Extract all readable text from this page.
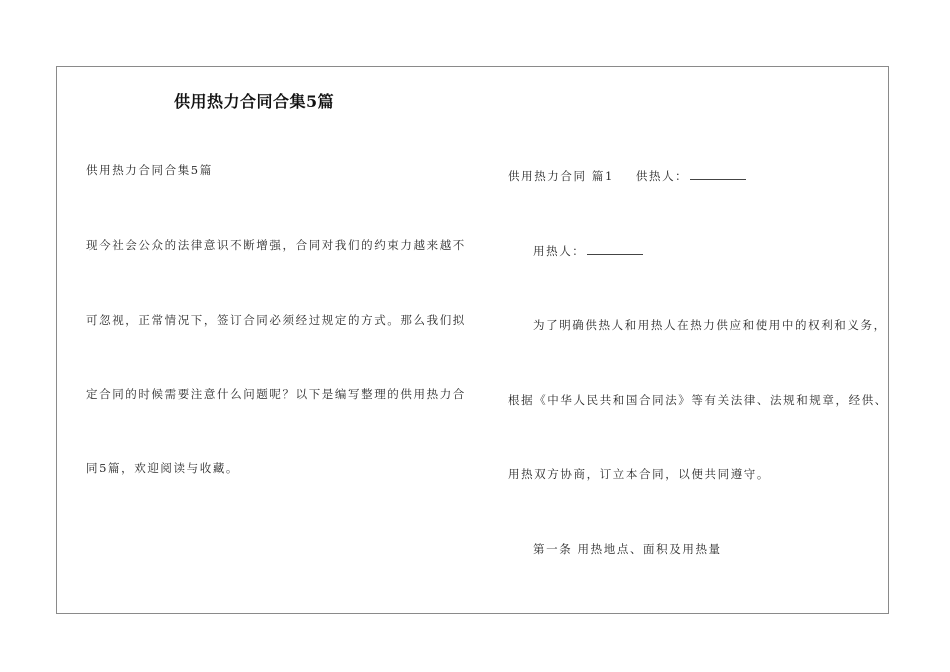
供用热力合同合集5篇
供用热力合同合集5篇
现今社会公众的法律意识不断增强，合同对我们的约束力越来越不
可忽视，正常情况下，签订合同必须经过规定的方式。那么我们拟
定合同的时候需要注意什么问题呢？以下是编写整理的供用热力合
同5篇，欢迎阅读与收藏。
供用热力合同 篇1 供热人：
用热人：
为了明确供热人和用热人在热力供应和使用中的权利和义务，
根据《中华人民共和国合同法》等有关法律、法规和规章，经供、
用热双方协商，订立本合同，以便共同遵守。
第一条 用热地点、面积及用热量
